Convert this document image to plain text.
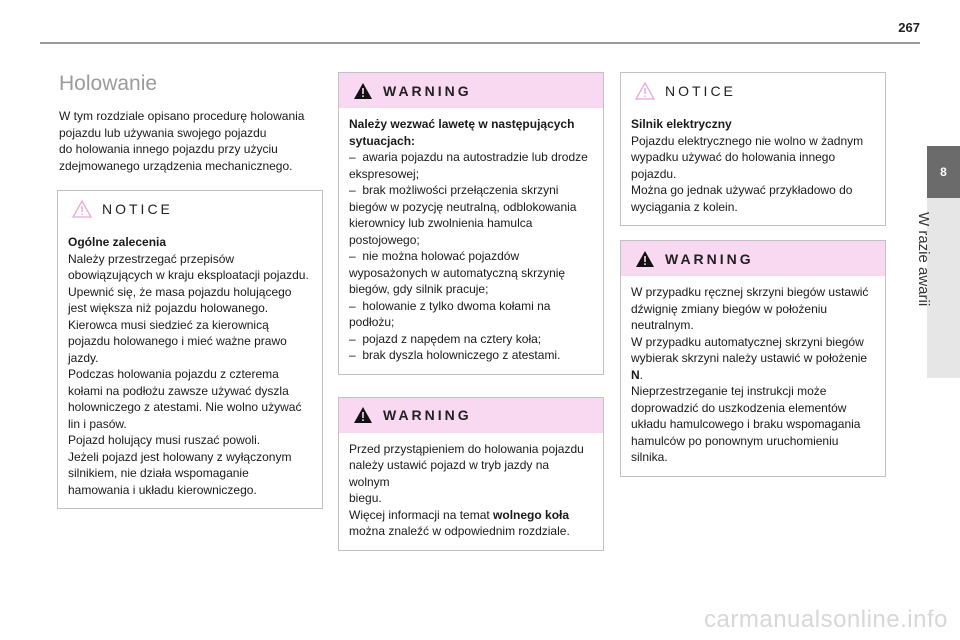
267
8
W razie awarii
Holowanie

W tym rozdziale opisano procedurę holowania
pojazdu lub używania swojego pojazdu
do holowania innego pojazdu przy użyciu
zdejmowanego urządzenia mechanicznego.

NOTICE
Ogólne zalecenia
Należy przestrzegać przepisów
obowiązujących w kraju eksploatacji pojazdu.
Upewnić się, że masa pojazdu holującego
jest większa niż pojazdu holowanego.
Kierowca musi siedzieć za kierownicą
pojazdu holowanego i mieć ważne prawo
jazdy.
Podczas holowania pojazdu z czterema
kołami na podłożu zawsze używać dyszla
holowniczego z atestami. Nie wolno używać
lin i pasów.
Pojazd holujący musi ruszać powoli.
Jeżeli pojazd jest holowany z wyłączonym
silnikiem, nie działa wspomaganie
hamowania i układu kierowniczego.
WARNING
Należy wezwać lawetę w następujących
sytuacjach:
–  awaria pojazdu na autostradzie lub drodze
ekspresowej;
–  brak możliwości przełączenia skrzyni
biegów w pozycję neutralną, odblokowania
kierownicy lub zwolnienia hamulca
postojowego;
–  nie można holować pojazdów
wyposażonych w automatyczną skrzynię
biegów, gdy silnik pracuje;
–  holowanie z tylko dwoma kołami na
podłożu;
–  pojazd z napędem na cztery koła;
–  brak dyszla holowniczego z atestami.
WARNING
Przed przystąpieniem do holowania pojazdu
należy ustawić pojazd w tryb jazdy na wolnym
biegu.
Więcej informacji na temat wolnego koła
można znaleźć w odpowiednim rozdziale.
NOTICE
Silnik elektryczny
Pojazdu elektrycznego nie wolno w żadnym
wypadku używać do holowania innego
pojazdu.
Można go jednak używać przykładowo do
wyciągania z kolein.
WARNING
W przypadku ręcznej skrzyni biegów ustawić
dźwignię zmiany biegów w położeniu
neutralnym.
W przypadku automatycznej skrzyni biegów
wybierak skrzyni należy ustawić w położenie
N.
Nieprzestrzeganie tej instrukcji może
doprowadzić do uszkodzenia elementów
układu hamulcowego i braku wspomagania
hamulców po ponownym uruchomieniu
silnika.
carmanualsonline.info
